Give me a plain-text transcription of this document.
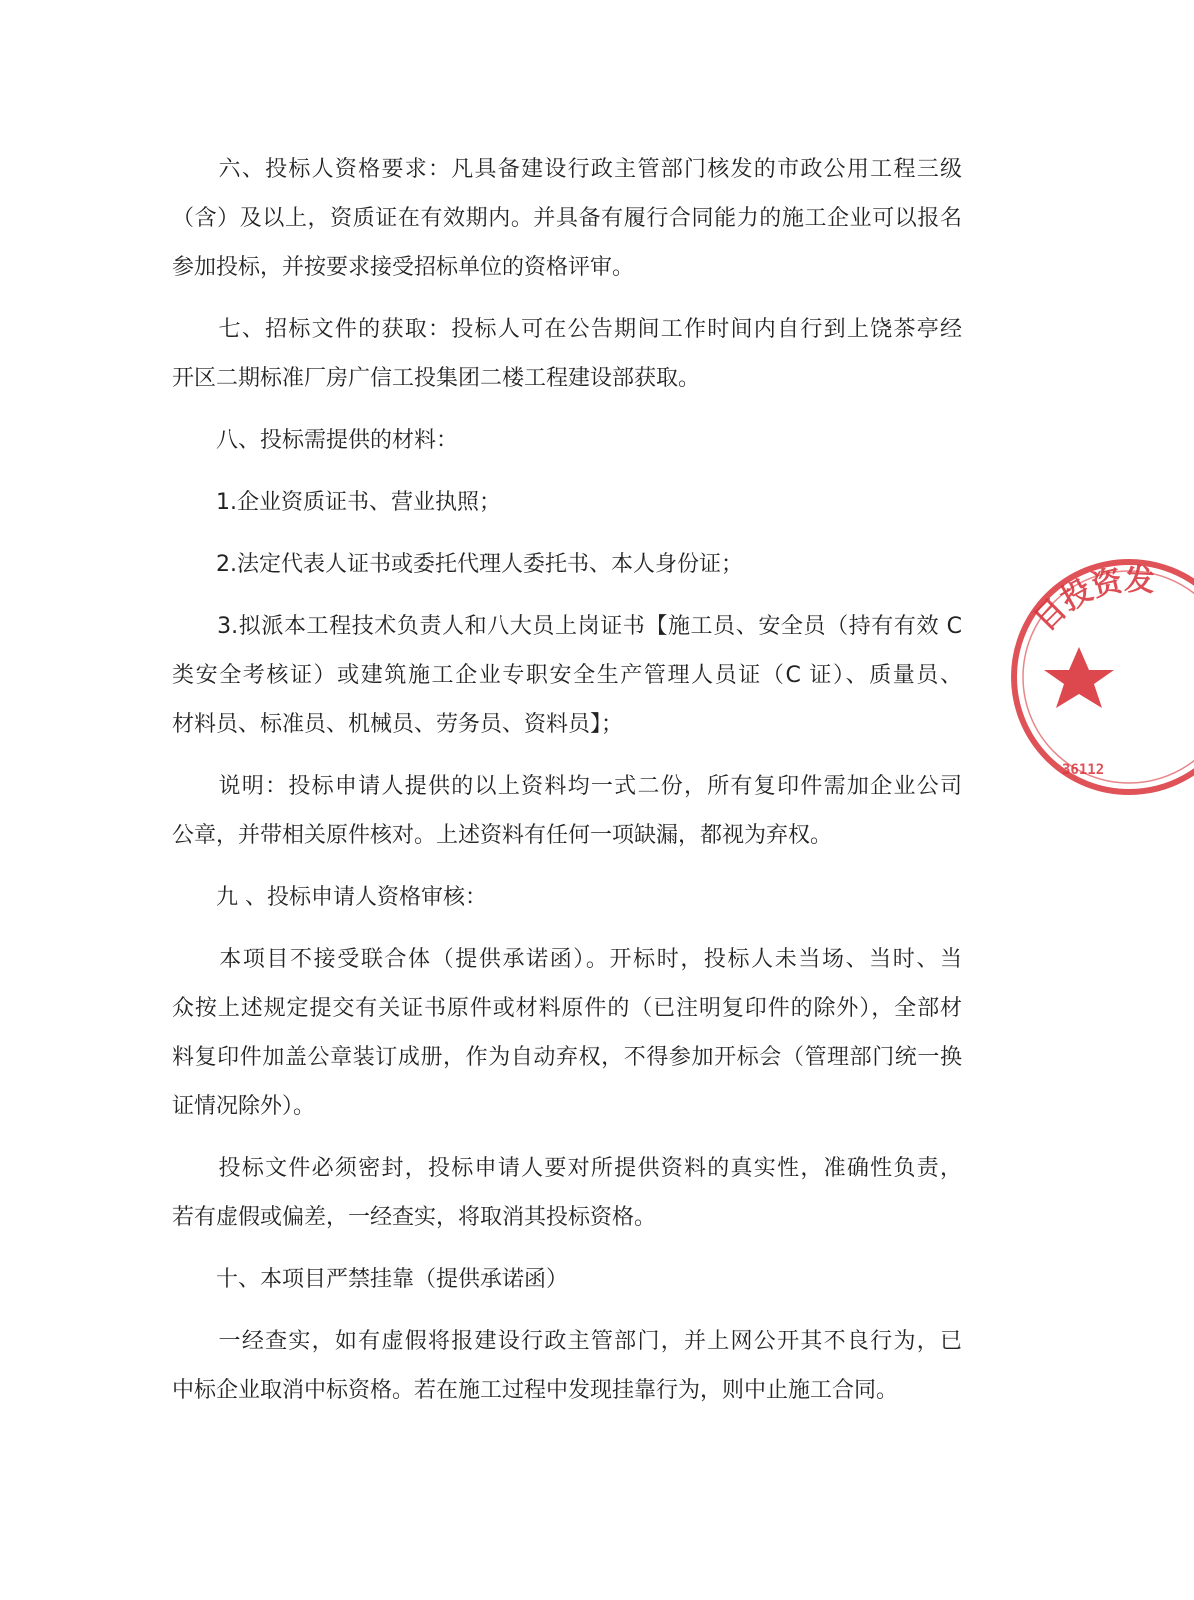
　　六、投标人资格要求：凡具备建设行政主管部门核发的市政公用工程三级
（含）及以上，资质证在有效期内。并具备有履行合同能力的施工企业可以报名
参加投标，并按要求接受招标单位的资格评审。
　　七、招标文件的获取：投标人可在公告期间工作时间内自行到上饶茶亭经
开区二期标准厂房广信工投集团二楼工程建设部获取。
　　八、投标需提供的材料：
　　1.企业资质证书、营业执照；
　　2.法定代表人证书或委托代理人委托书、本人身份证；
　　3.拟派本工程技术负责人和八大员上岗证书【施工员、安全员（持有有效 C
类安全考核证）或建筑施工企业专职安全生产管理人员证（C 证）、质量员、
材料员、标准员、机械员、劳务员、资料员】；
　　说明：投标申请人提供的以上资料均一式二份，所有复印件需加企业公司
公章，并带相关原件核对。上述资料有任何一项缺漏，都视为弃权。
　　九 、投标申请人资格审核：
　　本项目不接受联合体（提供承诺函）。开标时，投标人未当场、当时、当
众按上述规定提交有关证书原件或材料原件的（已注明复印件的除外），全部材
料复印件加盖公章装订成册，作为自动弃权，不得参加开标会（管理部门统一换
证情况除外）。
　　投标文件必须密封，投标申请人要对所提供资料的真实性，准确性负责，
若有虚假或偏差，一经查实，将取消其投标资格。
　　十、本项目严禁挂靠（提供承诺函）
　　一经查实，如有虚假将报建设行政主管部门，并上网公开其不良行为，已
中标企业取消中标资格。若在施工过程中发现挂靠行为，则中止施工合同。
目投资发
36112
